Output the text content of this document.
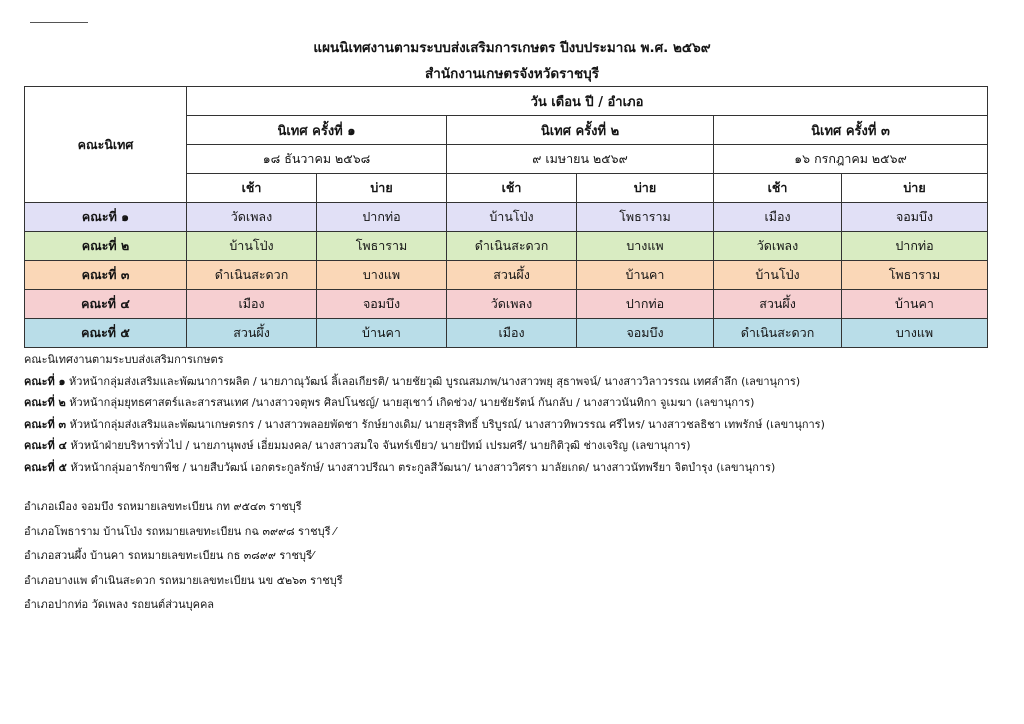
แผนนิเทศงานตามระบบส่งเสริมการเกษตร ปีงบประมาณ พ.ศ. ๒๕๖๙
สำนักงานเกษตรจังหวัดราชบุรี
คณะนิเทศ	วัน เดือน ปี / อำเภอ					
	นิเทศ ครั้งที่ ๑		นิเทศ ครั้งที่ ๒		นิเทศ ครั้งที่ ๓	
	๑๘ ธันวาคม ๒๕๖๘		๙ เมษายน ๒๕๖๙		๑๖ กรกฎาคม ๒๕๖๙	
	เช้า	บ่าย	เช้า	บ่าย	เช้า	บ่าย
คณะที่ ๑	วัดเพลง	ปากท่อ	บ้านโป่ง	โพธาราม	เมือง	จอมบึง
คณะที่ ๒	บ้านโป่ง	โพธาราม	ดำเนินสะดวก	บางแพ	วัดเพลง	ปากท่อ
คณะที่ ๓	ดำเนินสะดวก	บางแพ	สวนผึ้ง	บ้านคา	บ้านโป่ง	โพธาราม
คณะที่ ๔	เมือง	จอมบึง	วัดเพลง	ปากท่อ	สวนผึ้ง	บ้านคา
คณะที่ ๕	สวนผึ้ง	บ้านคา	เมือง	จอมบึง	ดำเนินสะดวก	บางแพ
คณะนิเทศงานตามระบบส่งเสริมการเกษตร
คณะที่ ๑ หัวหน้ากลุ่มส่งเสริมและพัฒนาการผลิต / นายภาณุวัฒน์ ลิ้เลอเกียรติ/ นายชัยวุฒิ บูรณสมภพ/นางสาวพยุ สุธาพจน์/ นางสาววิลาวรรณ เทศลำลึก (เลขานุการ)
คณะที่ ๒ หัวหน้ากลุ่มยุทธศาสตร์และสารสนเทศ /นางสาวจตุพร ศิลปโนชญ์/ นายสุเชาว์ เกิดช่วง/ นายชัยรัตน์ กันกลับ / นางสาวนันทิกา จูเมฆา (เลขานุการ)
คณะที่ ๓ หัวหน้ากลุ่มส่งเสริมและพัฒนาเกษตรกร / นางสาวพลอยพัดชา รักษ์ยางเดิม/ นายสุรสิทธิ์ บริบูรณ์/ นางสาวทิพวรรณ ศรีไหร/ นางสาวชลธิชา เทพรักษ์ (เลขานุการ)
คณะที่ ๔ หัวหน้าฝ่ายบริหารทั่วไป / นายภานุพงษ์ เอี่ยมมงคล/ นางสาวสมใจ จันทร์เขียว/ นายปัทม์ เปรมศรี/ นายกิติวุฒิ ช่างเจริญ (เลขานุการ)
คณะที่ ๕ หัวหน้ากลุ่มอารักขาพืช / นายสืบวัฒน์ เอกตระกูลรักษ์/ นางสาวปรีณา ตระกูลสีวัฒนา/ นางสาววิศรา มาลัยเกด/ นางสาวนัทพรียา จิตบำรุง (เลขานุการ)
อำเภอเมือง จอมบึง รถหมายเลขทะเบียน กท ๙๕๔๓ ราชบุรี
อำเภอโพธาราม บ้านโป่ง รถหมายเลขทะเบียน กฉ ๓๙๙๘ ราชบุรี ⁄
อำเภอสวนผึ้ง บ้านคา รถหมายเลขทะเบียน กธ ๓๘๙๙ ราชบุรี⁄
อำเภอบางแพ ดำเนินสะดวก รถหมายเลขทะเบียน นข ๕๒๖๓ ราชบุรี
อำเภอปากท่อ วัดเพลง รถยนต์ส่วนบุคคล
